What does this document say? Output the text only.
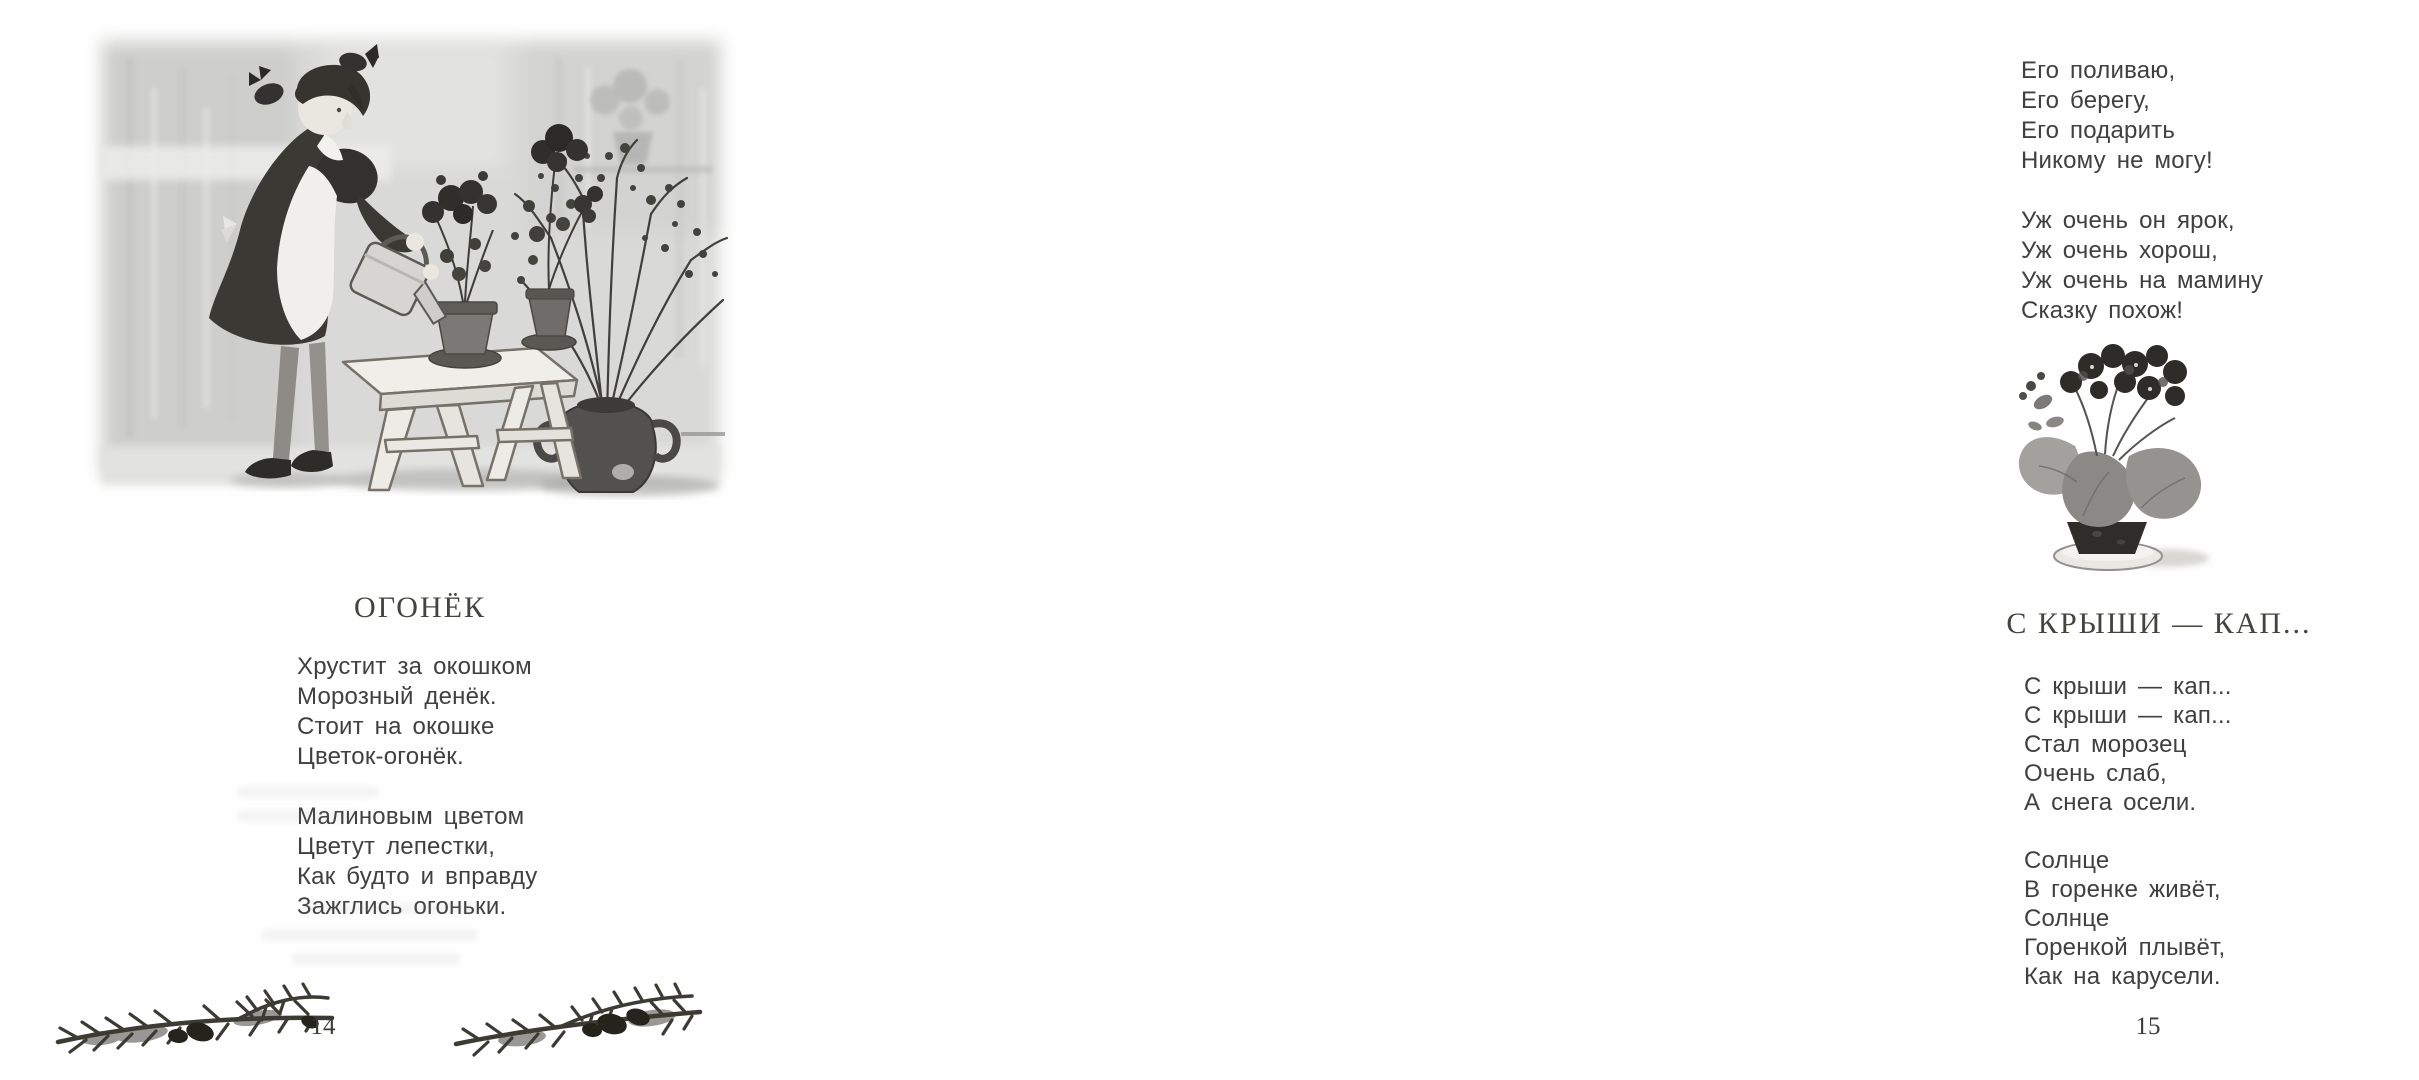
ОГОНЁК
Хрустит за окошком
Морозный денёк.
Стоит на окошке
Цветок-огонёк.
Малиновым цветом
Цветут лепестки,
Как будто и вправду
Зажглись огоньки.
14
Его поливаю,
Его берегу,
Его подарить
Никому не могу!
Уж очень он ярок,
Уж очень хорош,
Уж очень на мамину
Сказку похож!
С КРЫШИ — КАП...
С крыши — кап...
С крыши — кап...
Стал морозец
Очень слаб,
А снега осели.
Солнце
В горенке живёт,
Солнце
Горенкой плывёт,
Как на карусели.
15
